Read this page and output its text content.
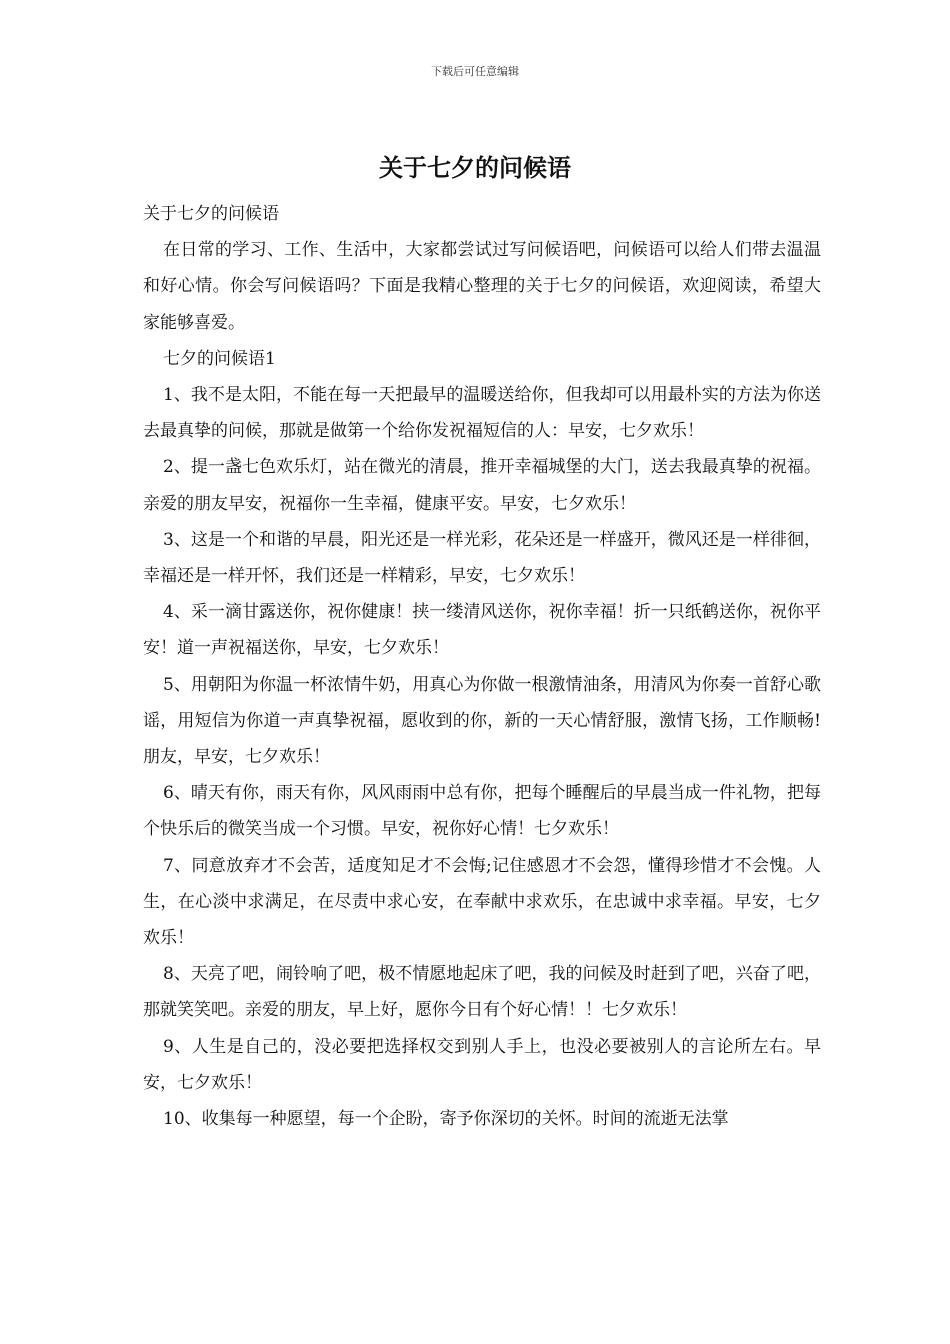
下载后可任意编辑
关于七夕的问候语

关于七夕的问候语

在日常的学习、工作、生活中，大家都尝试过写问候语吧，问候语可以给人们带去温温和好心情。你会写问候语吗？下面是我精心整理的关于七夕的问候语，欢迎阅读，希望大家能够喜爱。

七夕的问候语1

1、我不是太阳，不能在每一天把最早的温暖送给你，但我却可以用最朴实的方法为你送去最真挚的问候，那就是做第一个给你发祝福短信的人：早安，七夕欢乐！

2、提一盏七色欢乐灯，站在微光的清晨，推开幸福城堡的大门，送去我最真挚的祝福。亲爱的朋友早安，祝福你一生幸福，健康平安。早安，七夕欢乐！

3、这是一个和谐的早晨，阳光还是一样光彩，花朵还是一样盛开，微风还是一样徘徊，幸福还是一样开怀，我们还是一样精彩，早安，七夕欢乐！

4、采一滴甘露送你，祝你健康！挟一缕清风送你，祝你幸福！折一只纸鹤送你，祝你平安！道一声祝福送你，早安，七夕欢乐！

5、用朝阳为你温一杯浓情牛奶，用真心为你做一根激情油条，用清风为你奏一首舒心歌谣，用短信为你道一声真挚祝福，愿收到的你，新的一天心情舒服，激情飞扬，工作顺畅!朋友，早安，七夕欢乐！

6、晴天有你，雨天有你，风风雨雨中总有你，把每个睡醒后的早晨当成一件礼物，把每个快乐后的微笑当成一个习惯。早安，祝你好心情！七夕欢乐！

7、同意放弃才不会苦，适度知足才不会悔;记住感恩才不会怨，懂得珍惜才不会愧。人生，在心淡中求满足，在尽责中求心安，在奉献中求欢乐，在忠诚中求幸福。早安，七夕欢乐！

8、天亮了吧，闹铃响了吧，极不情愿地起床了吧，我的问候及时赶到了吧，兴奋了吧，那就笑笑吧。亲爱的朋友，早上好，愿你今日有个好心情！！七夕欢乐！

9、人生是自己的，没必要把选择权交到别人手上，也没必要被别人的言论所左右。早安，七夕欢乐！

10、收集每一种愿望，每一个企盼，寄予你深切的关怀。时间的流逝无法掌
